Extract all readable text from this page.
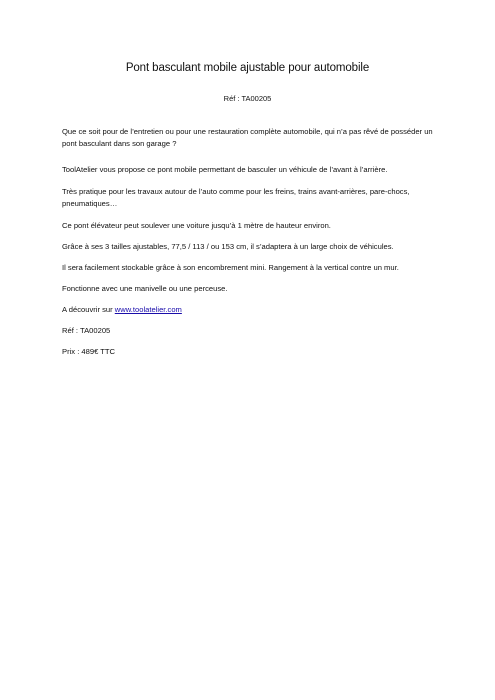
Pont basculant mobile ajustable pour automobile
Réf : TA00205
Que ce soit pour de l’entretien ou pour une restauration complète automobile, qui n’a pas rêvé de posséder un pont basculant dans son garage ?
ToolAtelier vous propose ce pont mobile permettant de basculer un véhicule de l’avant à l’arrière.
Très pratique pour les travaux autour de l’auto comme pour les freins, trains avant-arrières, pare-chocs, pneumatiques…
Ce pont élévateur peut soulever une voiture jusqu’à 1 mètre de hauteur environ.
Grâce à ses 3 tailles ajustables, 77,5 / 113 / ou 153 cm, il s’adaptera à un large choix de véhicules.
Il sera facilement stockable grâce à son encombrement mini. Rangement à la vertical contre un mur.
Fonctionne avec une manivelle ou une perceuse.
A découvrir sur www.toolatelier.com
Réf : TA00205
Prix : 489€ TTC
